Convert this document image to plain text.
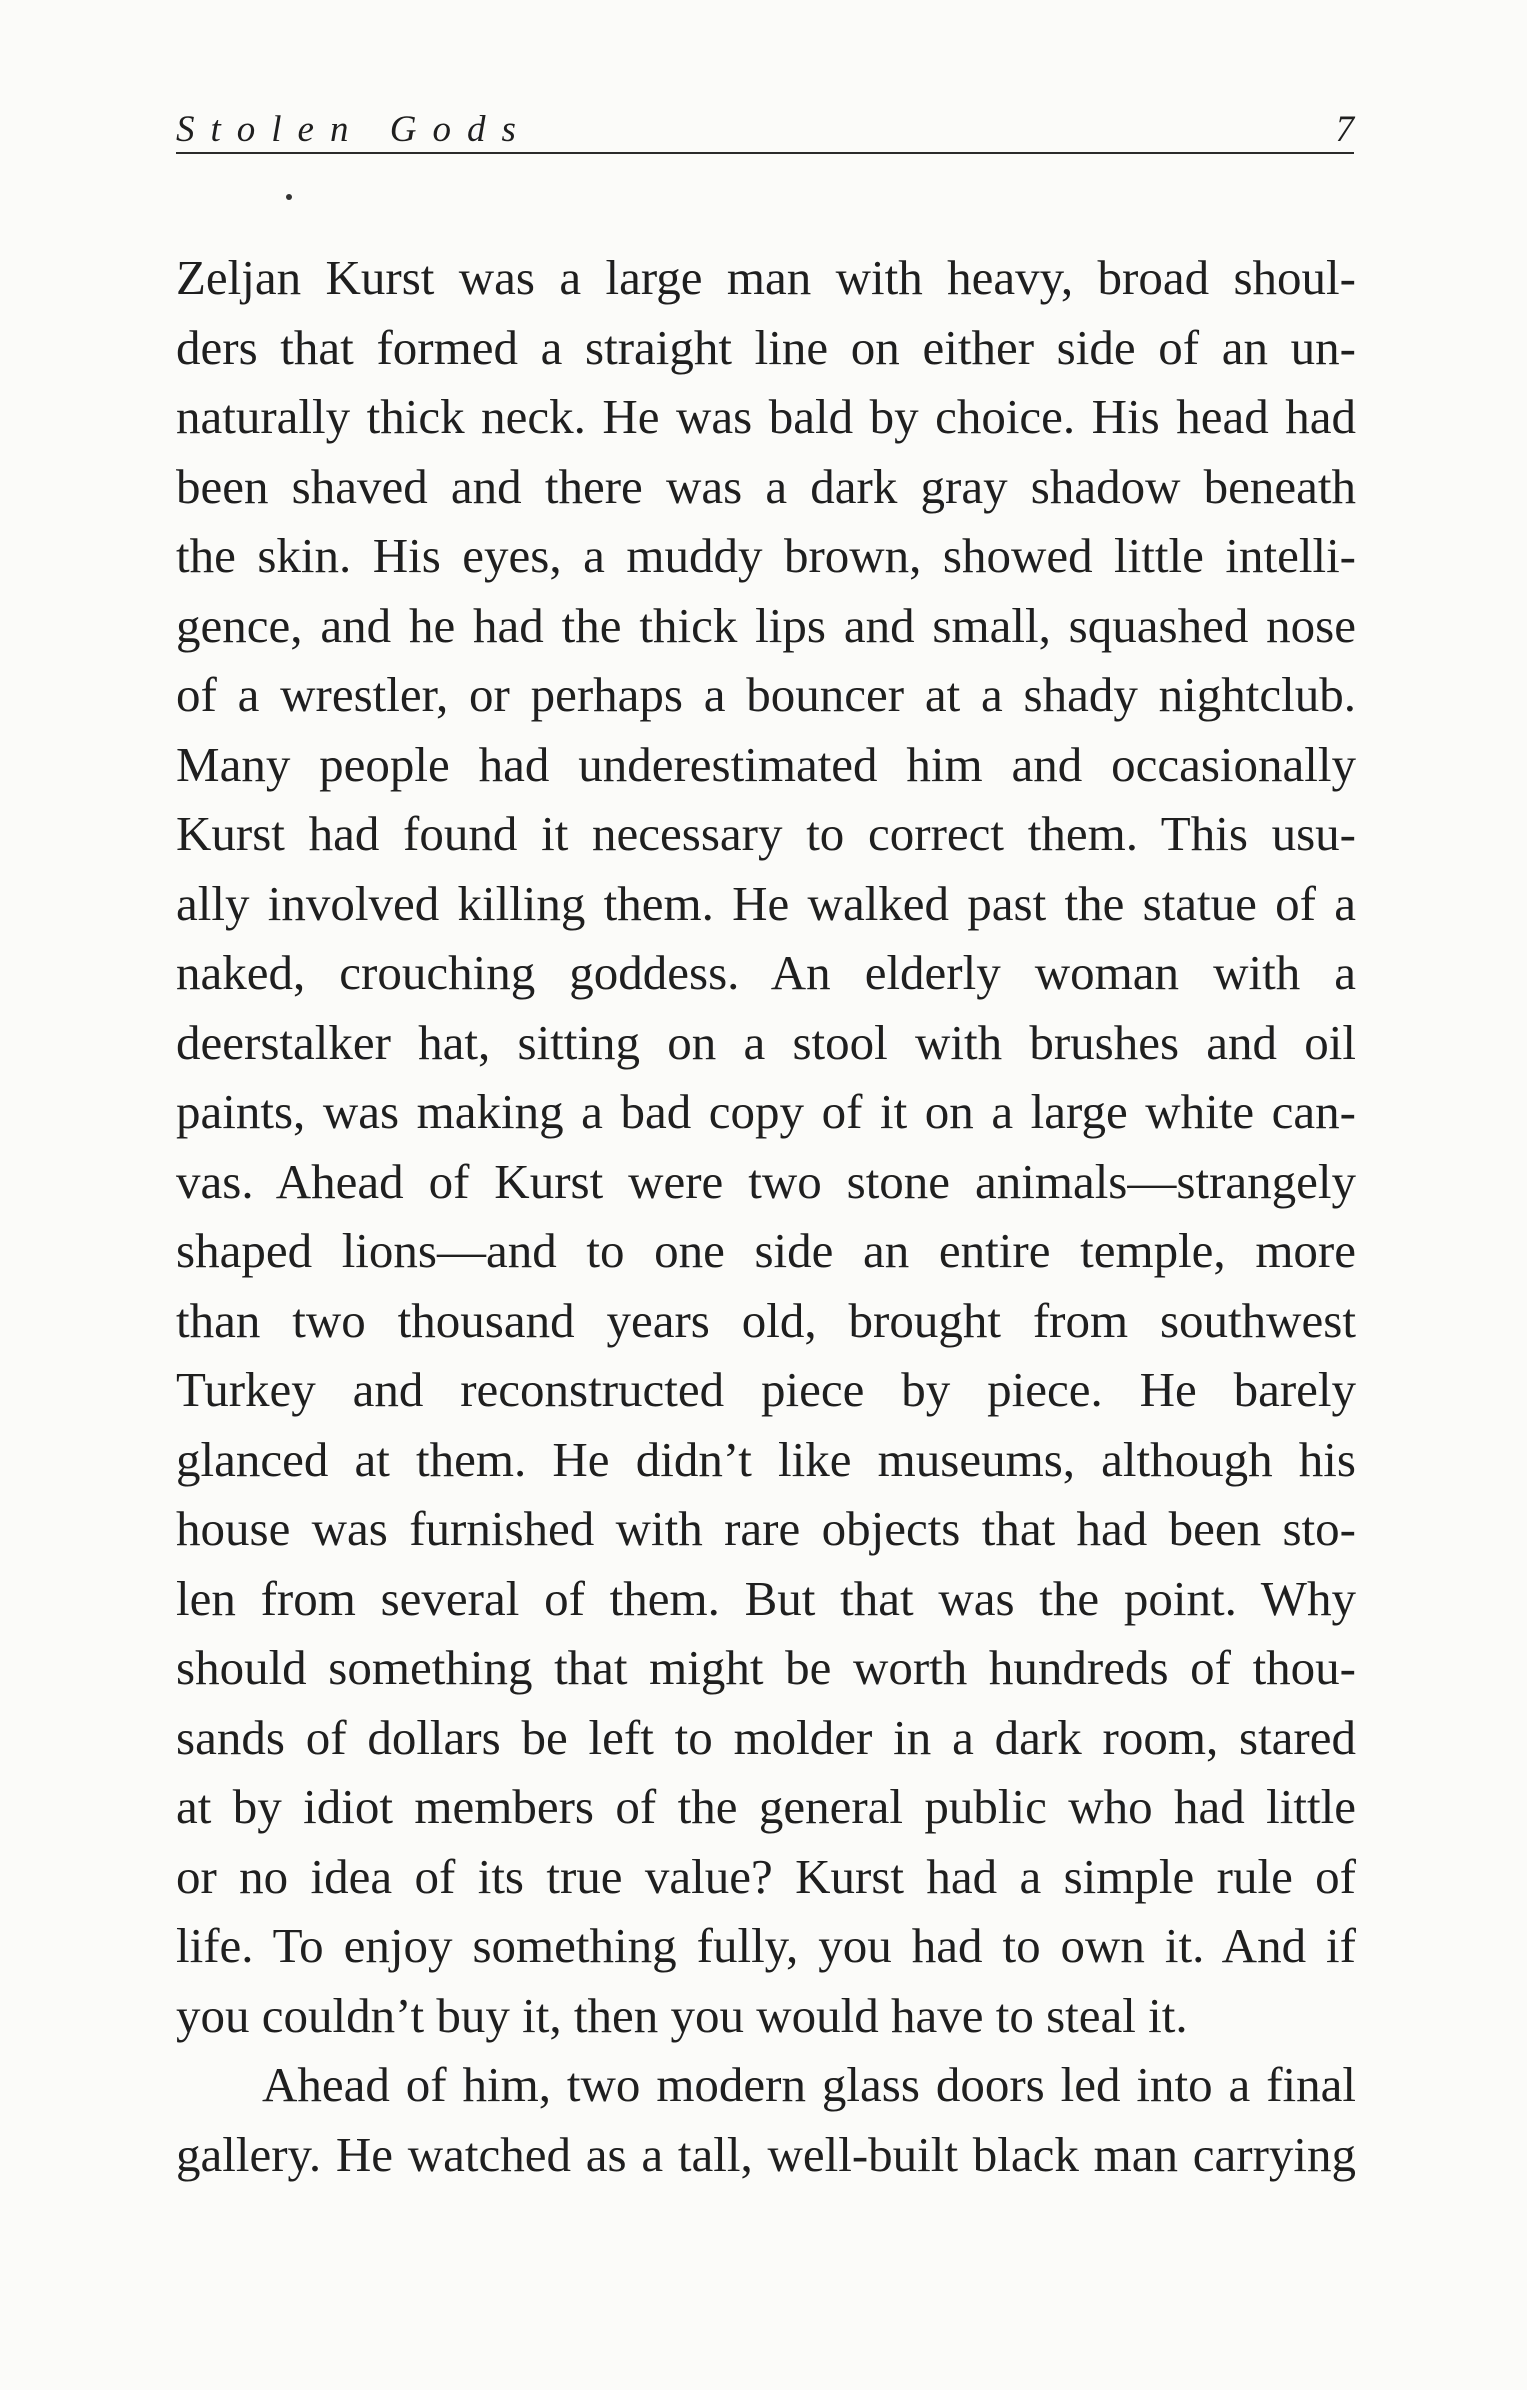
Stolen Gods	7
Zeljan Kurst was a large man with heavy, broad shoul-
ders that formed a straight line on either side of an un-
naturally thick neck. He was bald by choice. His head had
been shaved and there was a dark gray shadow beneath
the skin. His eyes, a muddy brown, showed little intelli-
gence, and he had the thick lips and small, squashed nose
of a wrestler, or perhaps a bouncer at a shady nightclub.
Many people had underestimated him and occasionally
Kurst had found it necessary to correct them. This usu-
ally involved killing them. He walked past the statue of a
naked, crouching goddess. An elderly woman with a
deerstalker hat, sitting on a stool with brushes and oil
paints, was making a bad copy of it on a large white can-
vas. Ahead of Kurst were two stone animals—strangely
shaped lions—and to one side an entire temple, more
than two thousand years old, brought from southwest
Turkey and reconstructed piece by piece. He barely
glanced at them. He didn’t like museums, although his
house was furnished with rare objects that had been sto-
len from several of them. But that was the point. Why
should something that might be worth hundreds of thou-
sands of dollars be left to molder in a dark room, stared
at by idiot members of the general public who had little
or no idea of its true value? Kurst had a simple rule of
life. To enjoy something fully, you had to own it. And if
you couldn’t buy it, then you would have to steal it.
Ahead of him, two modern glass doors led into a final
gallery. He watched as a tall, well-built black man carrying
